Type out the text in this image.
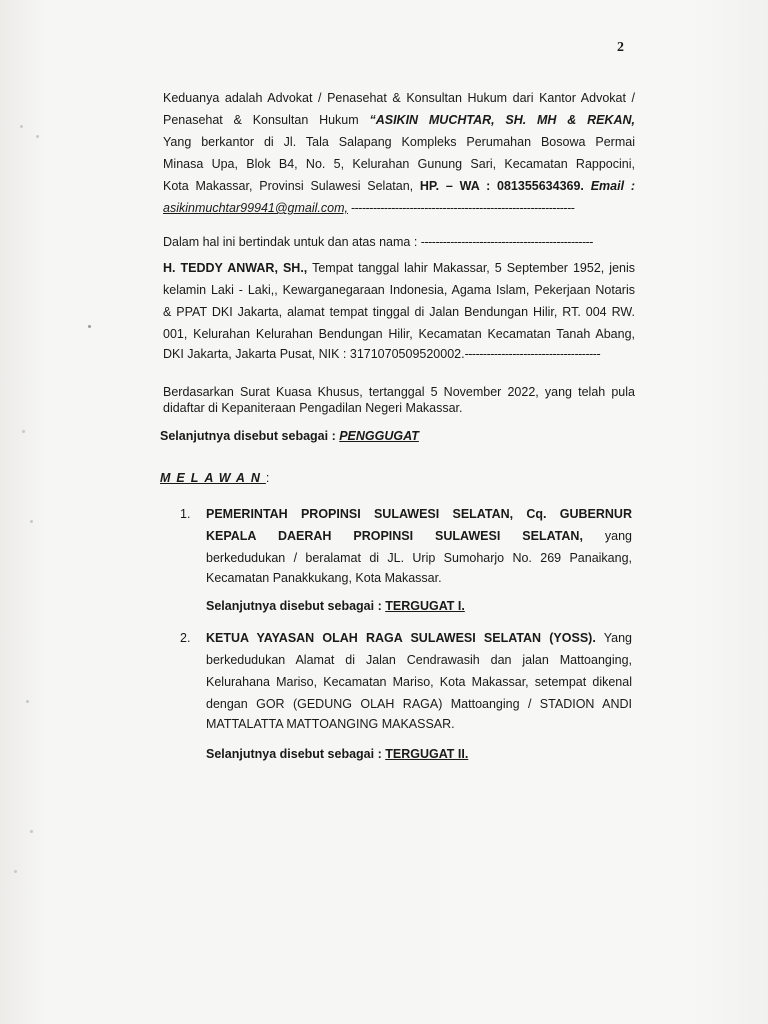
2
Keduanya adalah Advokat / Penasehat & Konsultan Hukum dari Kantor Advokat /
Penasehat & Konsultan Hukum “ASIKIN MUCHTAR, SH. MH & REKAN,
Yang berkantor di Jl. Tala Salapang Kompleks Perumahan Bosowa Permai
Minasa Upa, Blok B4, No. 5, Kelurahan Gunung Sari, Kecamatan Rappocini,
Kota Makassar, Provinsi Sulawesi Selatan, HP. – WA : 081355634369. Email :
asikinmuchtar99941@gmail.com, -------------------------------------------------------------
Dalam hal ini bertindak untuk dan atas nama : -----------------------------------------------
H. TEDDY ANWAR, SH., Tempat tanggal lahir Makassar, 5 September 1952, jenis
kelamin Laki - Laki,, Kewarganegaraan Indonesia, Agama Islam, Pekerjaan Notaris
& PPAT DKI Jakarta, alamat tempat tinggal di Jalan Bendungan Hilir, RT. 004 RW.
001, Kelurahan Kelurahan Bendungan Hilir, Kecamatan Kecamatan Tanah Abang,
DKI Jakarta, Jakarta Pusat, NIK : 3171070509520002.-------------------------------------
Berdasarkan Surat Kuasa Khusus, tertanggal 5 November 2022, yang telah pula
didaftar di Kepaniteraan Pengadilan Negeri Makassar.
Selanjutnya disebut sebagai : PENGGUGAT
MELAWAN:
1. PEMERINTAH PROPINSI SULAWESI SELATAN, Cq. GUBERNUR
KEPALA DAERAH PROPINSI SULAWESI SELATAN, yang
berkedudukan / beralamat di JL. Urip Sumoharjo No. 269 Panaikang,
Kecamatan Panakkukang, Kota Makassar.
Selanjutnya disebut sebagai : TERGUGAT I.
2. KETUA YAYASAN OLAH RAGA SULAWESI SELATAN (YOSS). Yang
berkedudukan Alamat di Jalan Cendrawasih dan jalan Mattoanging,
Kelurahana Mariso, Kecamatan Mariso, Kota Makassar, setempat dikenal
dengan GOR (GEDUNG OLAH RAGA) Mattoanging / STADION ANDI
MATTALATTA MATTOANGING MAKASSAR.
Selanjutnya disebut sebagai : TERGUGAT II.
